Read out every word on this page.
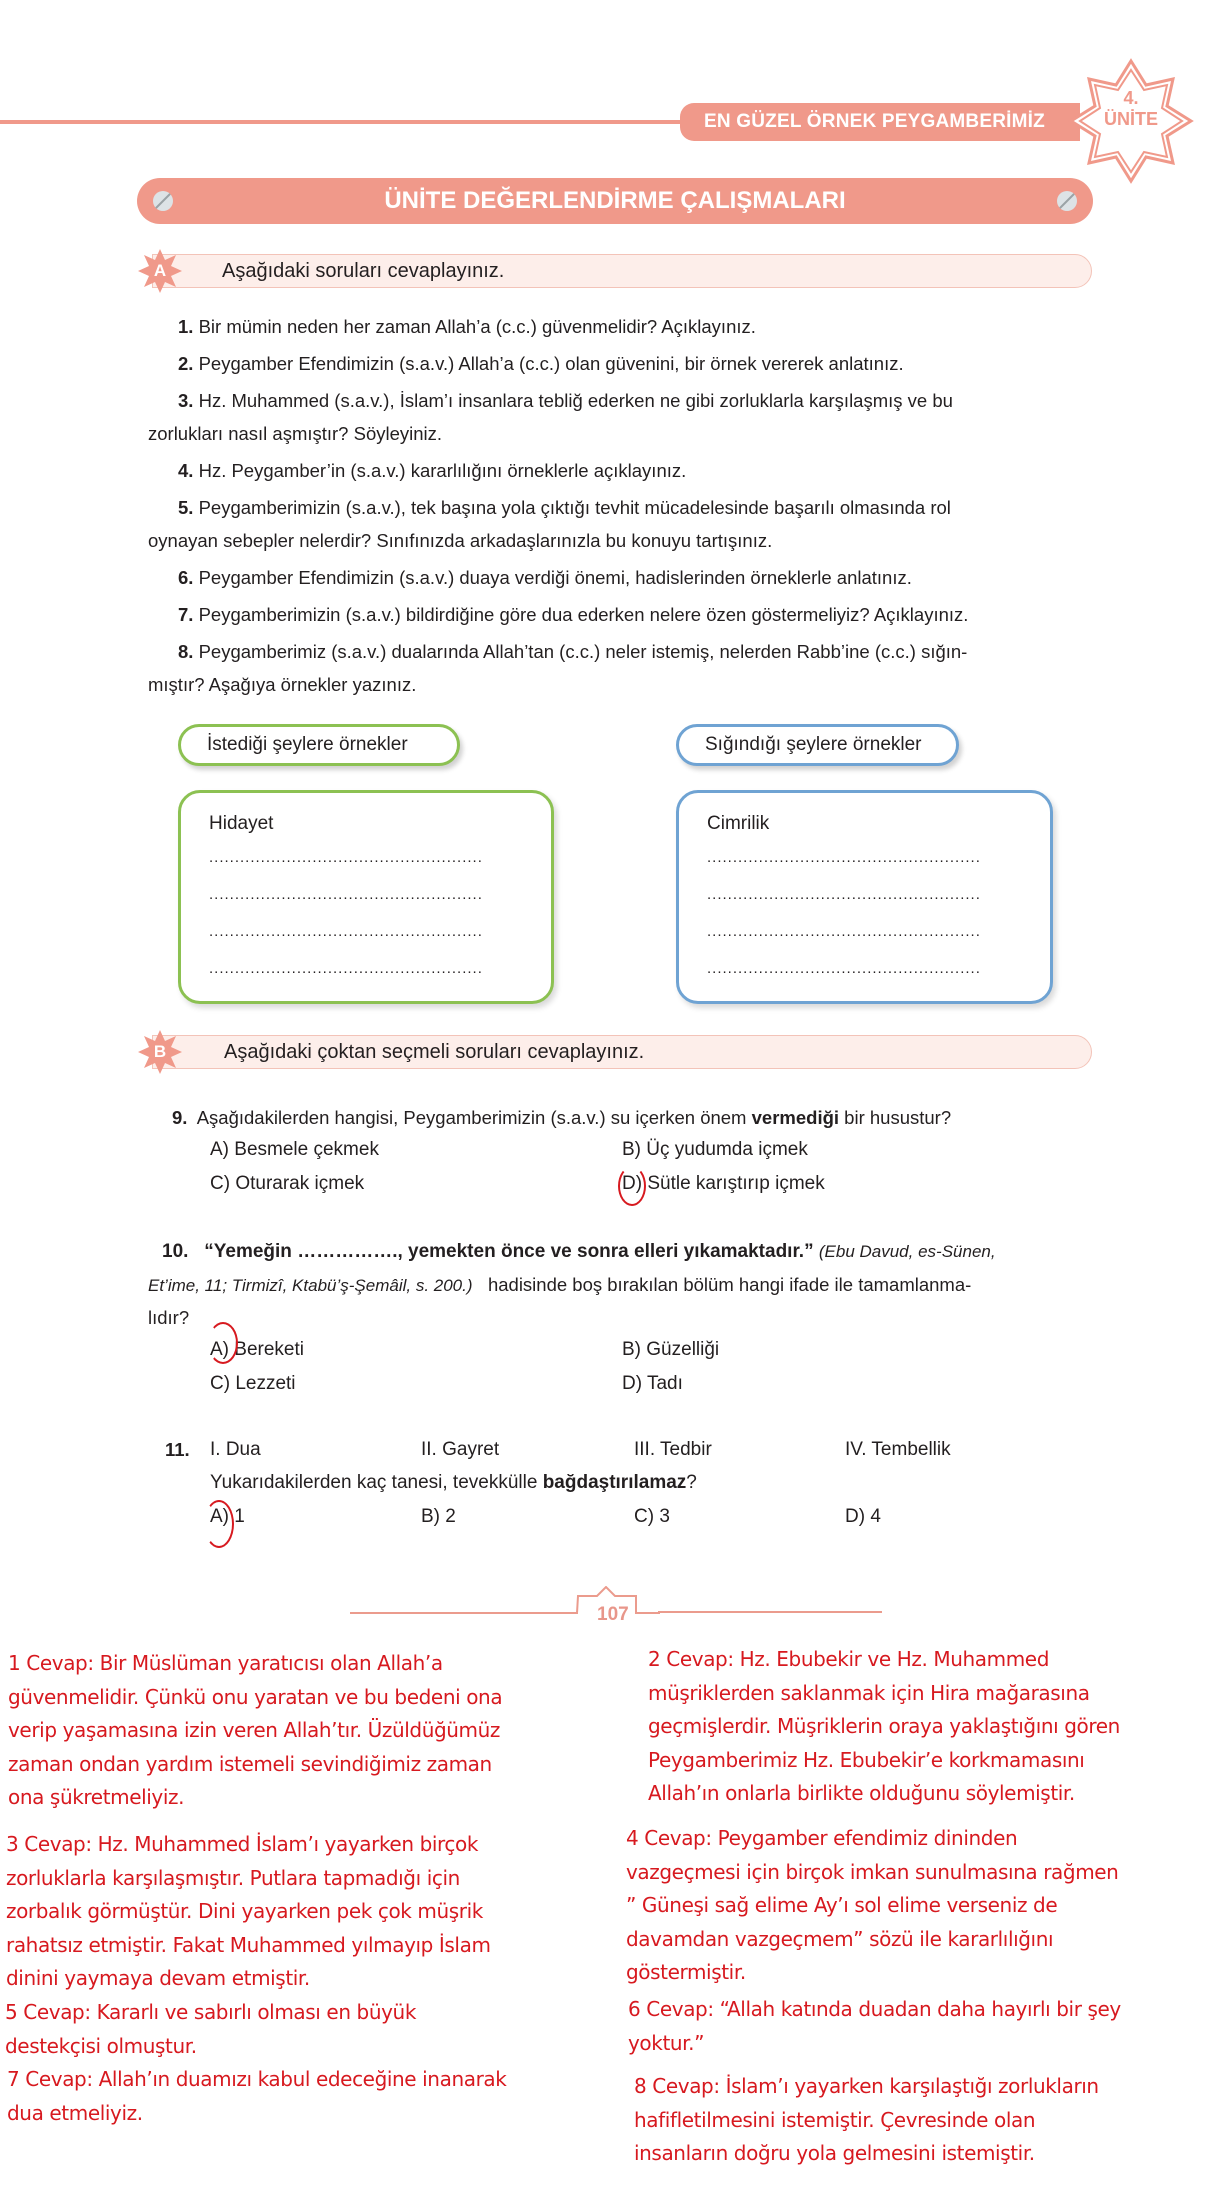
EN GÜZEL ÖRNEK PEYGAMBERİMİZ
4.
ÜNİTE
ÜNİTE DEĞERLENDİRME ÇALIŞMALARI
A	Aşağıdaki soruları cevaplayınız.
1. Bir mümin neden her zaman Allah’a (c.c.) güvenmelidir? Açıklayınız.
2. Peygamber Efendimizin (s.a.v.) Allah’a (c.c.) olan güvenini, bir örnek vererek anlatınız.
3. Hz. Muhammed (s.a.v.), İslam’ı insanlara tebliğ ederken ne gibi zorluklarla karşılaşmış ve bu
zorlukları nasıl aşmıştır? Söyleyiniz.
4. Hz. Peygamber’in (s.a.v.) kararlılığını örneklerle açıklayınız.
5. Peygamberimizin (s.a.v.), tek başına yola çıktığı tevhit mücadelesinde başarılı olmasında rol
oynayan sebepler nelerdir? Sınıfınızda arkadaşlarınızla bu konuyu tartışınız.
6. Peygamber Efendimizin (s.a.v.) duaya verdiği önemi, hadislerinden örneklerle anlatınız.
7. Peygamberimizin (s.a.v.) bildirdiğine göre dua ederken nelere özen göstermeliyiz? Açıklayınız.
8. Peygamberimiz (s.a.v.) dualarında Allah’tan (c.c.) neler istemiş, nelerden Rabb’ine (c.c.) sığın-
mıştır? Aşağıya örnekler yazınız.
İstediği şeylere örnekler	Sığındığı şeylere örnekler
Hidayet
.....................................................
.....................................................
.....................................................
.....................................................
Cimrilik
.....................................................
.....................................................
.....................................................
.....................................................
B	Aşağıdaki çoktan seçmeli soruları cevaplayınız.
9. Aşağıdakilerden hangisi, Peygamberimizin (s.a.v.) su içerken önem vermediği bir husustur?
A) Besmele çekmek	B) Üç yudumda içmek
C) Oturarak içmek	D) Sütle karıştırıp içmek
10. “Yemeğin ……………., yemekten önce ve sonra elleri yıkamaktadır.” (Ebu Davud, es-Sünen,
Et’ime, 11; Tirmizî, Ktabü’ş-Şemâil, s. 200.) hadisinde boş bırakılan bölüm hangi ifade ile tamamlanma-
lıdır?
A) Bereketi	B) Güzelliği
C) Lezzeti	D) Tadı
11. I. Dua	II. Gayret	III. Tedbir	IV. Tembellik
Yukarıdakilerden kaç tanesi, tevekkülle bağdaştırılamaz?
A) 1	B) 2	C) 3	D) 4
107
1 Cevap: Bir Müslüman yaratıcısı olan Allah’a
güvenmelidir. Çünkü onu yaratan ve bu bedeni ona
verip yaşamasına izin veren Allah’tır. Üzüldüğümüz
zaman ondan yardım istemeli sevindiğimiz zaman
ona şükretmeliyiz.
2 Cevap: Hz. Ebubekir ve Hz. Muhammed
müşriklerden saklanmak için Hira mağarasına
geçmişlerdir. Müşriklerin oraya yaklaştığını gören
Peygamberimiz Hz. Ebubekir’e korkmamasını
Allah’ın onlarla birlikte olduğunu söylemiştir.
3 Cevap: Hz. Muhammed İslam’ı yayarken birçok
zorluklarla karşılaşmıştır. Putlara tapmadığı için
zorbalık görmüştür. Dini yayarken pek çok müşrik
rahatsız etmiştir. Fakat Muhammed yılmayıp İslam
dinini yaymaya devam etmiştir.
4 Cevap: Peygamber efendimiz dininden
vazgeçmesi için birçok imkan sunulmasına rağmen
” Güneşi sağ elime Ay’ı sol elime verseniz de
davamdan vazgeçmem” sözü ile kararlılığını
göstermiştir.
5 Cevap: Kararlı ve sabırlı olması en büyük
destekçisi olmuştur.
6 Cevap: “Allah katında duadan daha hayırlı bir şey
yoktur.”
7 Cevap: Allah’ın duamızı kabul edeceğine inanarak
dua etmeliyiz.
8 Cevap: İslam’ı yayarken karşılaştığı zorlukların
hafifletilmesini istemiştir. Çevresinde olan
insanların doğru yola gelmesini istemiştir.
